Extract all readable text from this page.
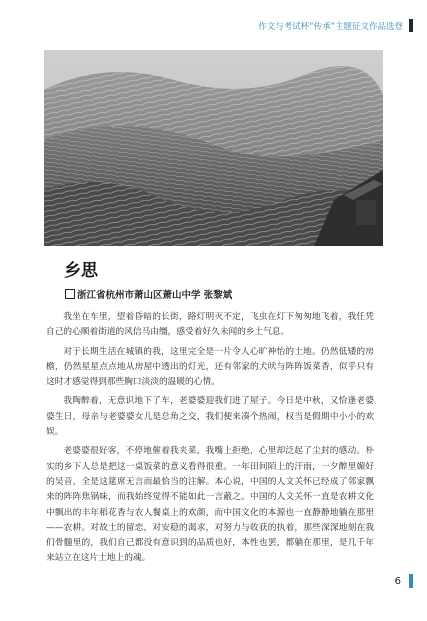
作文与考试杯“传承”主题征文作品选登
乡思
浙江省杭州市萧山区萧山中学 张黎斌

我坐在车里，望着昏暗的长街，路灯明灭不定，飞虫在灯下匆匆地飞着，我任凭自己的心顺着街道的风信马由缰，感受着好久未闻的乡土气息。

对于长期生活在城镇的我，这里完全是一片令人心旷神怡的土地。仍然低矮的房檐，仍然星星点点地从房屋中透出的灯光，还有邻家的犬吠与阵阵饭菜香，似乎只有这时才感觉得到那些胸口淡淡的温暖的心情。

我陶醉着，无意识地下了车，老婆婆迎我们进了屋子。今日是中秋，又恰逢老婆婆生日，母亲与老婆婆女儿是总角之交，我们便来凑个热闹，权当是假期中小小的欢娱。

老婆婆很好客，不停地催着我夹菜，我嘴上拒绝，心里却泛起了尘封的感动。朴实的乡下人总是把这一桌饭菜的意义看得很重。一年田间陌上的汗雨，一夕醉里媚好的吴音，全是这筵席无言而最恰当的注解。本心说，中国的人文关怀已经成了邻家飘来的阵阵焦锅味，而我始终觉得不能如此一言蔽之。中国的人文关怀一直是农耕文化中飘出的丰年稻花香与农人餐桌上的欢颜，而中国文化的本源也一直静静地躺在那里——农耕。对故土的留恋，对安稳的渴求，对努力与收获的执着，那些深深地刻在我们骨髓里的，我们自己都没有意识到的品质也好，本性也罢，都躺在那里，是几千年来站立在这片土地上的魂。

6
